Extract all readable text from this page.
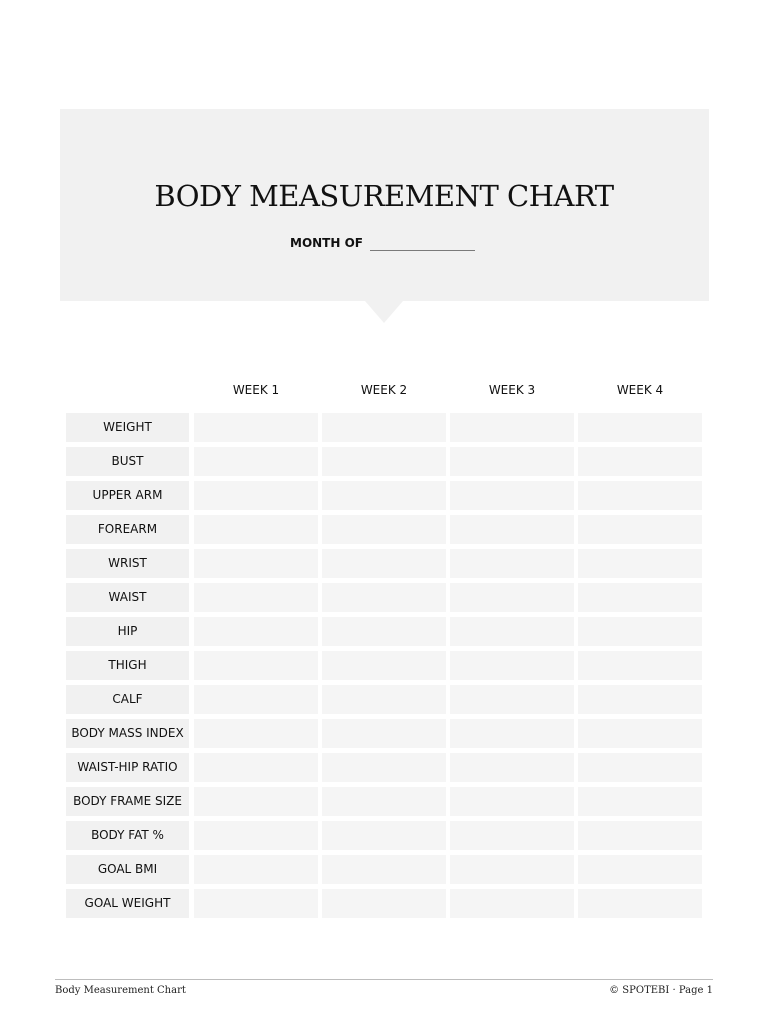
BODY MEASUREMENT CHART
MONTH OF
WEEK 1	WEEK 2	WEEK 3	WEEK 4
WEIGHT
BUST
UPPER ARM
FOREARM
WRIST
WAIST
HIP
THIGH
CALF
BODY MASS INDEX
WAIST-HIP RATIO
BODY FRAME SIZE
BODY FAT %
GOAL BMI
GOAL WEIGHT
Body Measurement Chart	© SPOTEBI · Page 1
